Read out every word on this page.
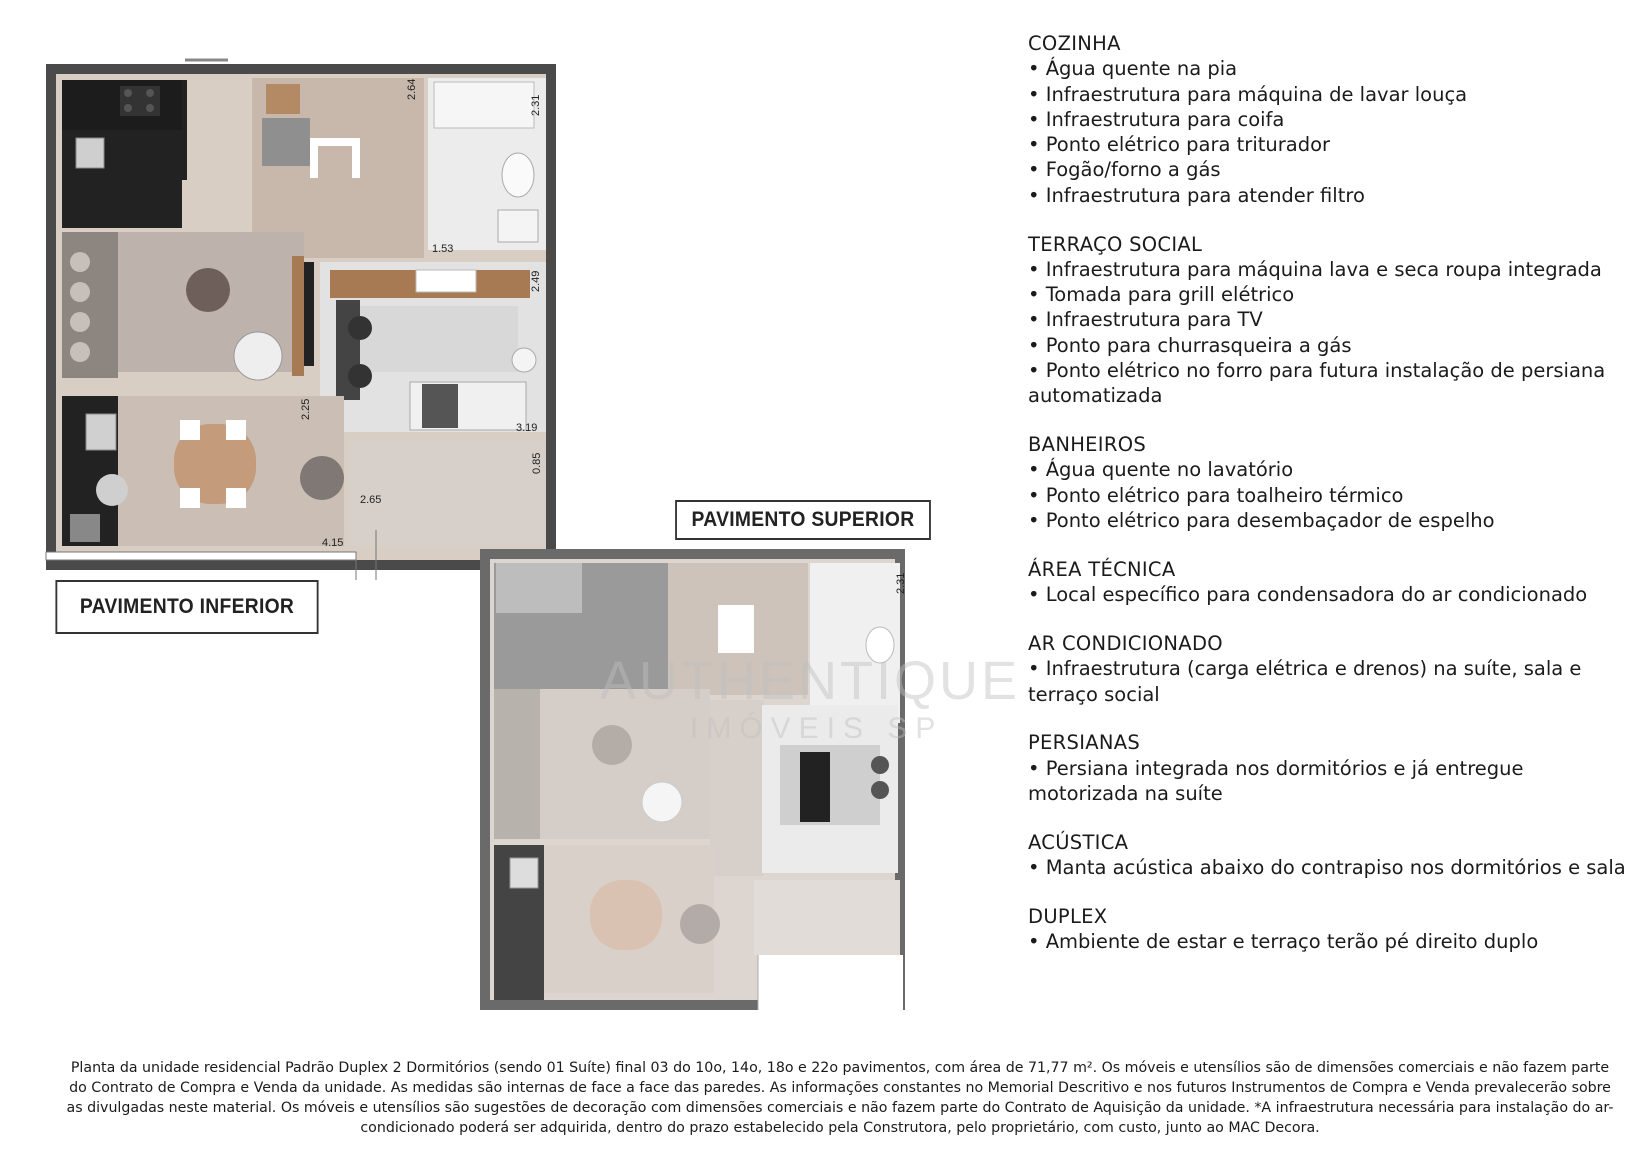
AUTHENTIQUE
IMÓVEIS SP
2.64
2.31
1.53
2.49
2.25
3.19
0.85
2.65
4.15
2.31
PAVIMENTO INFERIOR
PAVIMENTO SUPERIOR
COZINHA
• Água quente na pia
• Infraestrutura para máquina de lavar louça
• Infraestrutura para coifa
• Ponto elétrico para triturador
• Fogão/forno a gás
• Infraestrutura para atender filtro
TERRAÇO SOCIAL
• Infraestrutura para máquina lava e seca roupa integrada
• Tomada para grill elétrico
• Infraestrutura para TV
• Ponto para churrasqueira a gás
• Ponto elétrico no forro para futura instalação de persiana automatizada
BANHEIROS
• Água quente no lavatório
• Ponto elétrico para toalheiro térmico
• Ponto elétrico para desembaçador de espelho
ÁREA TÉCNICA
• Local específico para condensadora do ar condicionado
AR CONDICIONADO
• Infraestrutura (carga elétrica e drenos) na suíte, sala e terraço social
PERSIANAS
• Persiana integrada nos dormitórios e já entregue motorizada na suíte
ACÚSTICA
• Manta acústica abaixo do contrapiso nos dormitórios e sala
DUPLEX
• Ambiente de estar e terraço terão pé direito duplo
Planta da unidade residencial Padrão Duplex 2 Dormitórios (sendo 01 Suíte) final 03 do 10o, 14o, 18o e 22o pavimentos, com área de 71,77 m². Os móveis e utensílios são de dimensões comerciais e não fazem parte do Contrato de Compra e Venda da unidade. As medidas são internas de face a face das paredes. As informações constantes no Memorial Descritivo e nos futuros Instrumentos de Compra e Venda prevalecerão sobre as divulgadas neste material. Os móveis e utensílios são sugestões de decoração com dimensões comerciais e não fazem parte do Contrato de Aquisição da unidade. *A infraestrutura necessária para instalação do ar-condicionado poderá ser adquirida, dentro do prazo estabelecido pela Construtora, pelo proprietário, com custo, junto ao MAC Decora.
